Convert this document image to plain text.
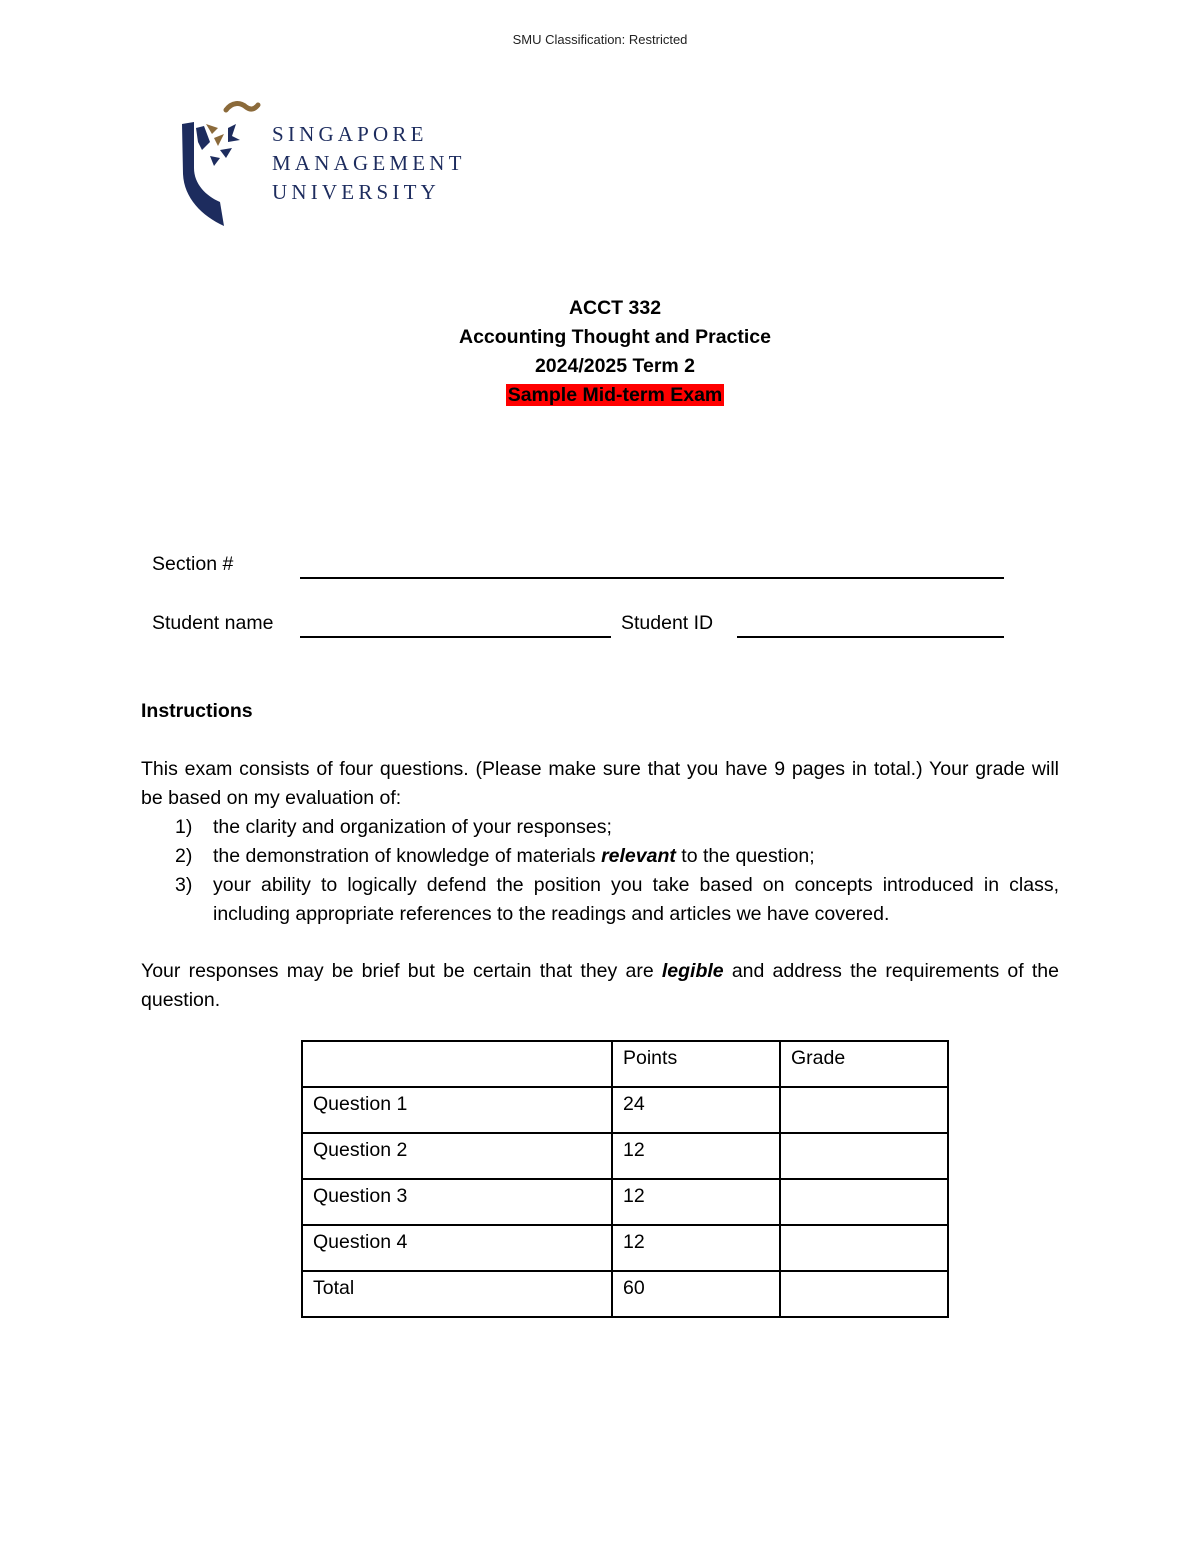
SMU Classification: Restricted
SINGAPORE
MANAGEMENT
UNIVERSITY
ACCT 332
Accounting Thought and Practice
2024/2025 Term 2
Sample Mid-term Exam
Section #
Student name	Student ID
Instructions
This exam consists of four questions. (Please make sure that you have 9 pages in total.) Your grade will be based on my evaluation of:
1) the clarity and organization of your responses;
2) the demonstration of knowledge of materials relevant to the question;
3) your ability to logically defend the position you take based on concepts introduced in class, including appropriate references to the readings and articles we have covered.
Your responses may be brief but be certain that they are legible and address the requirements of the question.
	Points	Grade
Question 1	24	
Question 2	12	
Question 3	12	
Question 4	12	
Total	60	
